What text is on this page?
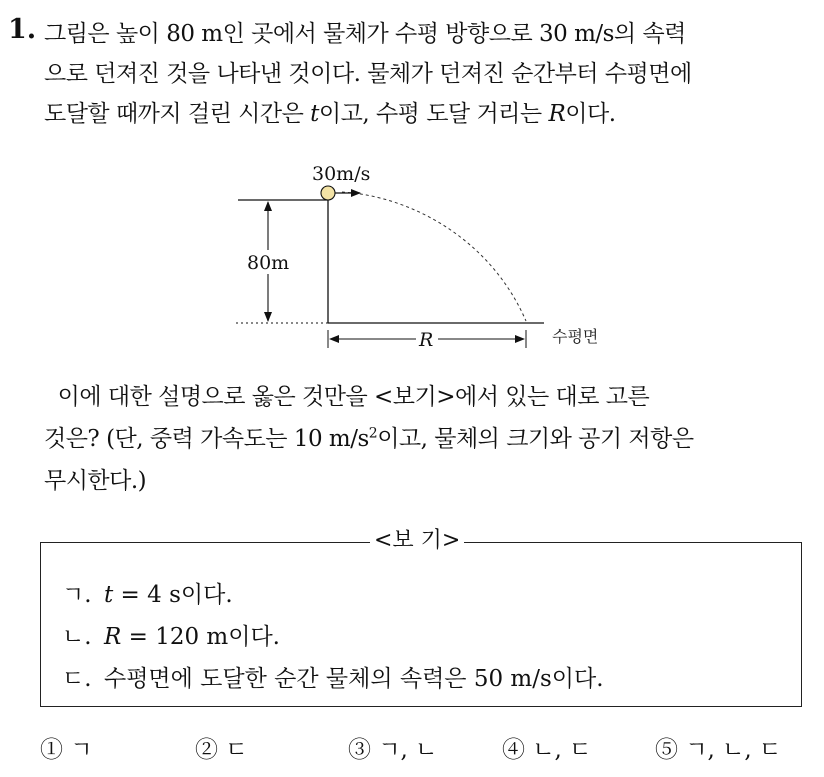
1. 그림은 높이 80 m인 곳에서 물체가 수평 방향으로 30 m/s의 속력
으로 던져진 것을 나타낸 것이다. 물체가 던져진 순간부터 수평면에
도달할 때까지 걸린 시간은 t이고, 수평 도달 거리는 R이다.
80m
30m/s
R	수평면
이에 대한 설명으로 옳은 것만을 <보기>에서 있는 대로 고른
것은? (단, 중력 가속도는 10 $m/s^2$이고, 물체의 크기와 공기 저항은
무시한다.)
<보 기>
ㄱ. t = 4 s이다.
ㄴ. R = 120 m이다.
ㄷ. 수평면에 도달한 순간 물체의 속력은 50 m/s이다.
① ㄱ	② ㄷ	③ ㄱ, ㄴ	④ ㄴ, ㄷ	⑤ ㄱ, ㄴ, ㄷ
